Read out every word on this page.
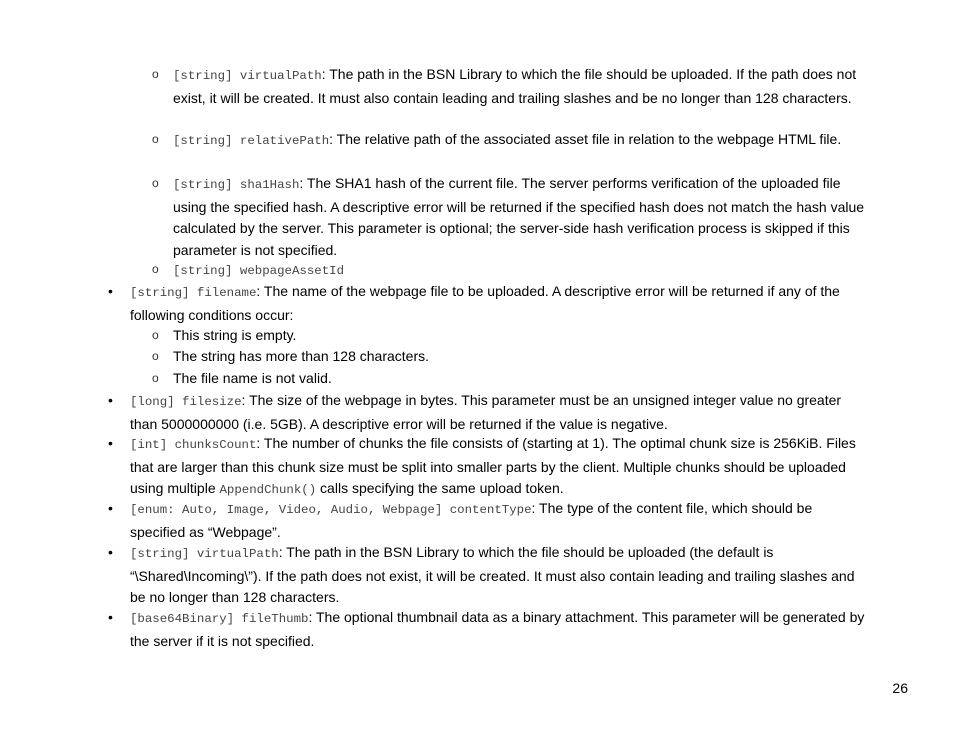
o [string] virtualPath: The path in the BSN Library to which the file should be uploaded. If the path does not exist, it will be created. It must also contain leading and trailing slashes and be no longer than 128 characters.
o [string] relativePath: The relative path of the associated asset file in relation to the webpage HTML file.
o [string] sha1Hash: The SHA1 hash of the current file. The server performs verification of the uploaded file using the specified hash. A descriptive error will be returned if the specified hash does not match the hash value calculated by the server. This parameter is optional; the server-side hash verification process is skipped if this parameter is not specified.
o [string] webpageAssetId
• [string] filename: The name of the webpage file to be uploaded. A descriptive error will be returned if any of the following conditions occur:
o This string is empty.
o The string has more than 128 characters.
o The file name is not valid.
• [long] filesize: The size of the webpage in bytes. This parameter must be an unsigned integer value no greater than 5000000000 (i.e. 5GB). A descriptive error will be returned if the value is negative.
• [int] chunksCount: The number of chunks the file consists of (starting at 1). The optimal chunk size is 256KiB. Files that are larger than this chunk size must be split into smaller parts by the client. Multiple chunks should be uploaded using multiple AppendChunk() calls specifying the same upload token.
• [enum: Auto, Image, Video, Audio, Webpage] contentType: The type of the content file, which should be specified as “Webpage”.
• [string] virtualPath: The path in the BSN Library to which the file should be uploaded (the default is “\Shared\Incoming\”). If the path does not exist, it will be created. It must also contain leading and trailing slashes and be no longer than 128 characters.
• [base64Binary] fileThumb: The optional thumbnail data as a binary attachment. This parameter will be generated by the server if it is not specified.
26
